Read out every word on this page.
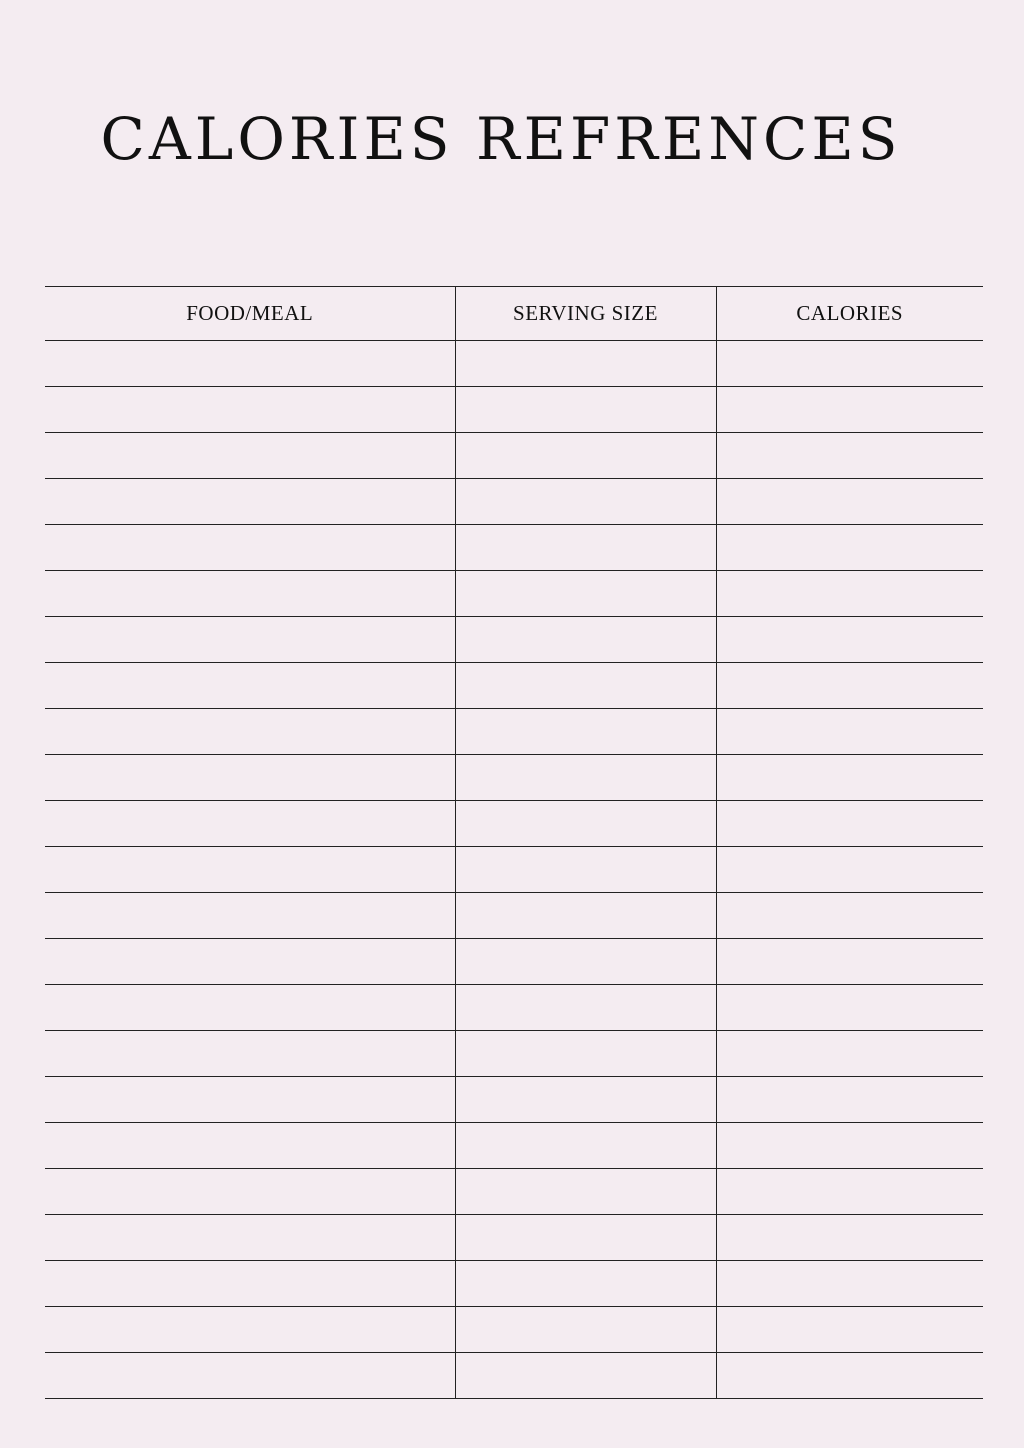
CALORIES REFRENCES
FOOD/MEAL	SERVING SIZE	CALORIES
